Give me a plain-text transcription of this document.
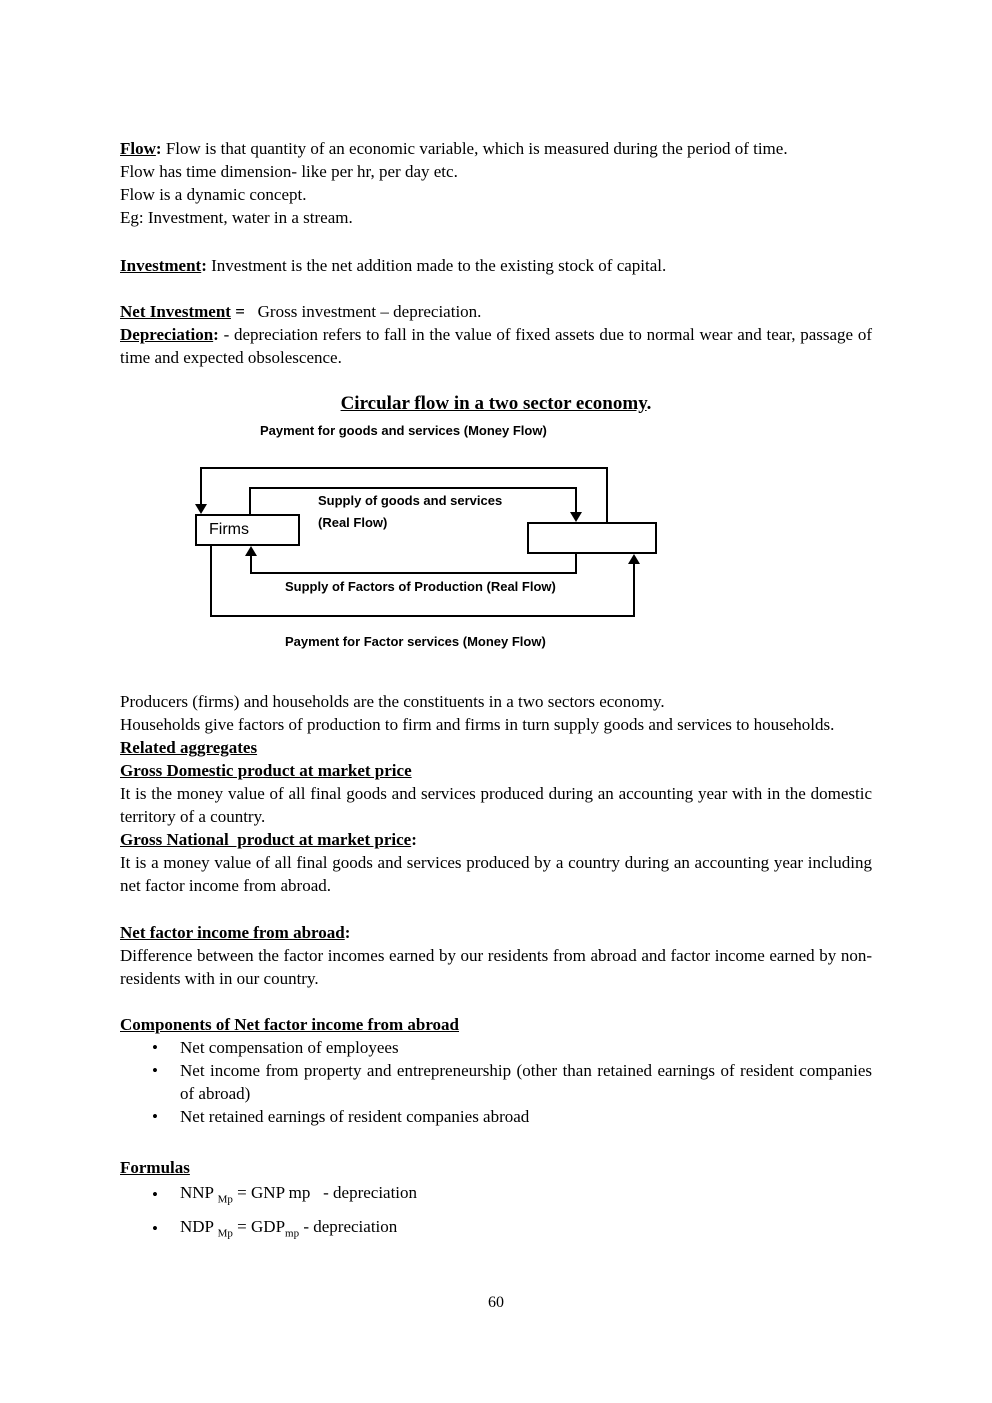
Flow: Flow is that quantity of an economic variable, which is measured during the period of time.

Flow has time dimension- like per hr, per day etc.

Flow is a dynamic concept.

Eg: Investment, water in a stream.

Investment: Investment is the net addition made to the existing stock of capital.

Net Investment =   Gross investment – depreciation.

Depreciation: - depreciation refers to fall in the value of fixed assets due to normal wear and tear, passage of time and expected obsolescence.

Circular flow in a two sector economy.

Payment for goods and services (Money Flow)
Supply of goods and services
(Real Flow)
Firms
Supply of Factors of Production (Real Flow)
Payment for Factor services (Money Flow)

Producers (firms) and households are the constituents in a two sectors economy.

Households give factors of production to firm and firms in turn supply goods and services to households.

Related aggregates

Gross Domestic product at market price

It is the money value of all final goods and services produced during an accounting year with in the domestic territory of a country.

Gross National  product at market price:

It is a money value of all final goods and services produced by a country during an accounting year including net factor income from abroad.

Net factor income from abroad:

Difference between the factor incomes earned by our residents from abroad and factor income earned by non-residents with in our country.

Components of Net factor income from abroad

• Net compensation of employees
• Net income from property and entrepreneurship (other than retained earnings of resident companies of abroad)
• Net retained earnings of resident companies abroad

Formulas

• NNP $_{Mp}$ = GNP mp   - depreciation
• NDP $_{Mp} = GDP_{mp}$ - depreciation
60
